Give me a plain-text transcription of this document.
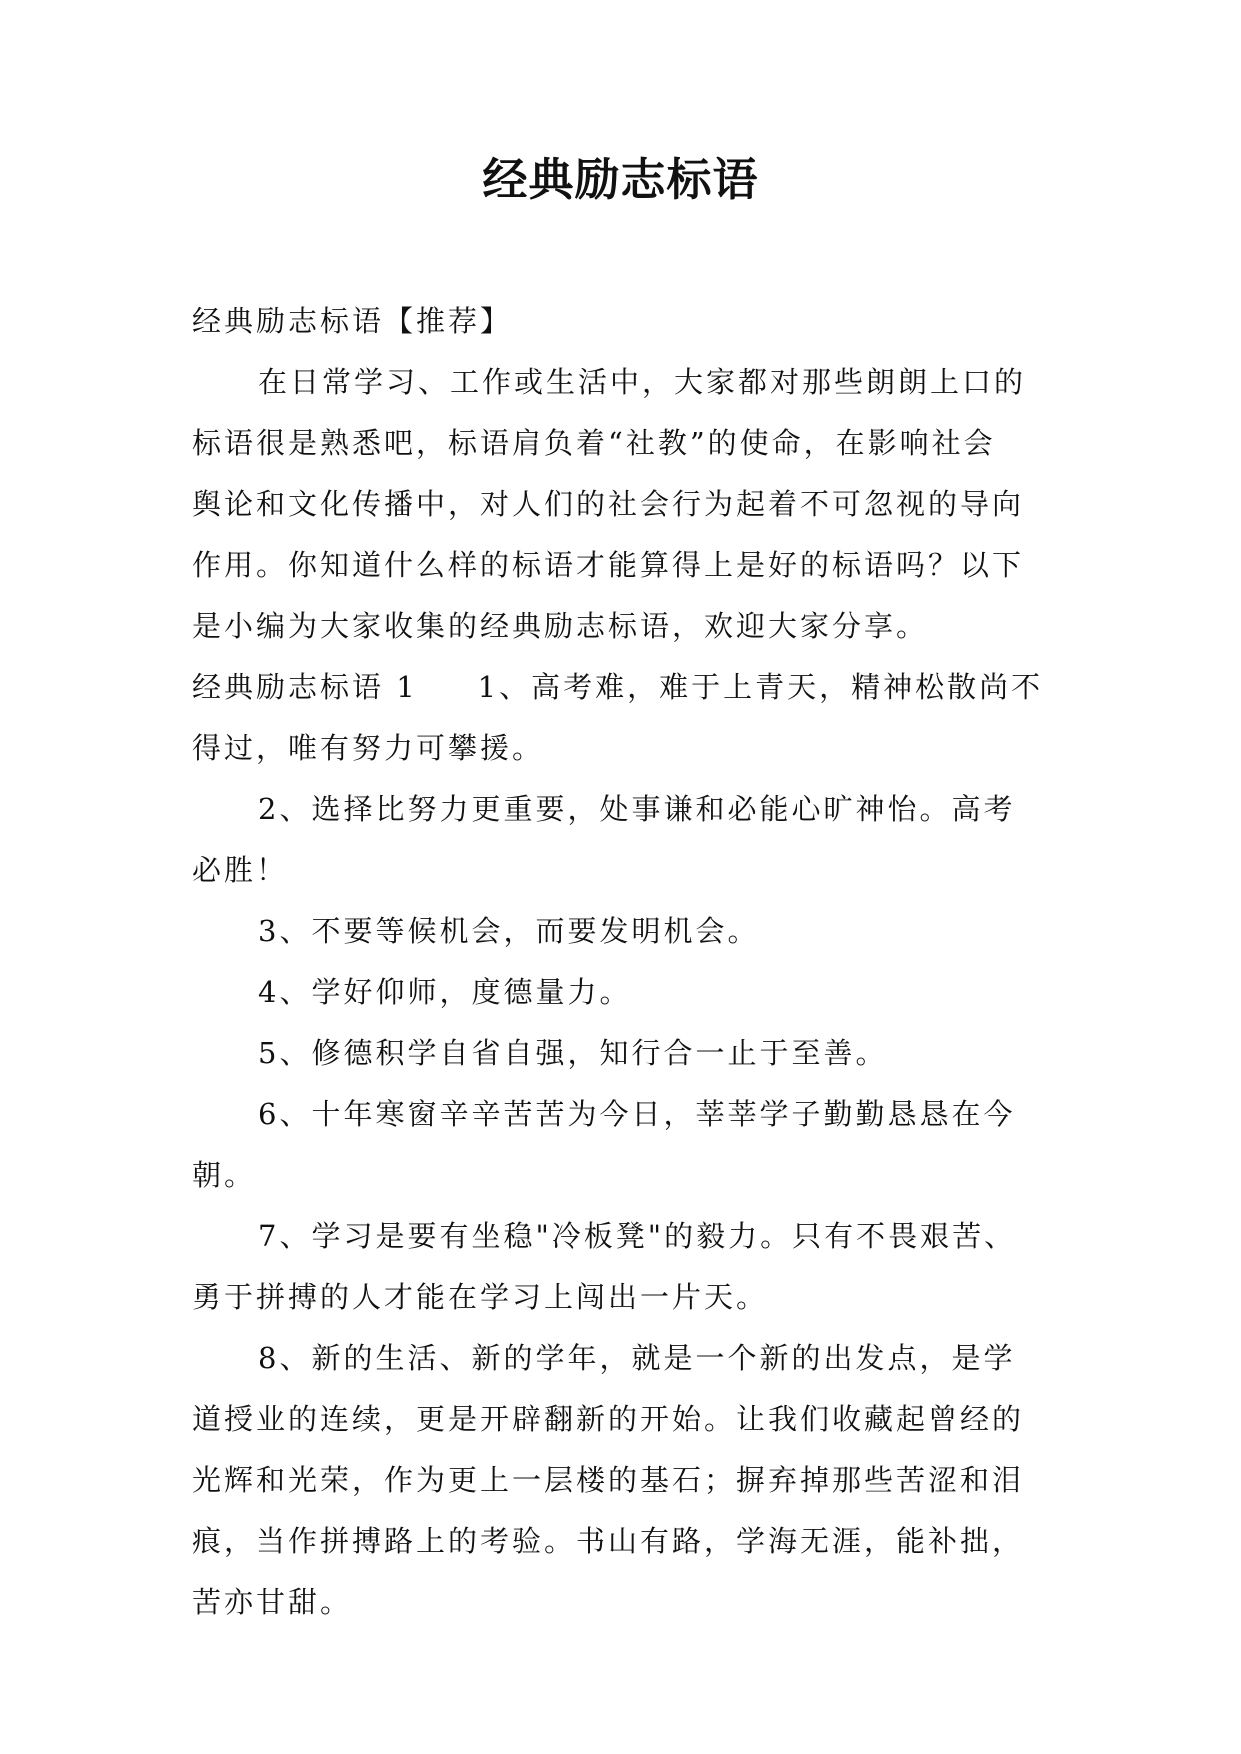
经典励志标语
经典励志标语【推荐】
在日常学习、工作或生活中，大家都对那些朗朗上口的
标语很是熟悉吧，标语肩负着“社教”的使命，在影响社会
舆论和文化传播中，对人们的社会行为起着不可忽视的导向
作用。你知道什么样的标语才能算得上是好的标语吗？以下
是小编为大家收集的经典励志标语，欢迎大家分享。
经典励志标语 1 1、高考难，难于上青天，精神松散尚不
得过，唯有努力可攀援。
2、选择比努力更重要，处事谦和必能心旷神怡。高考
必胜！
3、不要等候机会，而要发明机会。
4、学好仰师，度德量力。
5、修德积学自省自强，知行合一止于至善。
6、十年寒窗辛辛苦苦为今日，莘莘学子勤勤恳恳在今
朝。
7、学习是要有坐稳"冷板凳"的毅力。只有不畏艰苦、
勇于拼搏的人才能在学习上闯出一片天。
8、新的生活、新的学年，就是一个新的出发点，是学
道授业的连续，更是开辟翻新的开始。让我们收藏起曾经的
光辉和光荣，作为更上一层楼的基石；摒弃掉那些苦涩和泪
痕，当作拼搏路上的考验。书山有路，学海无涯，能补拙，
苦亦甘甜。
